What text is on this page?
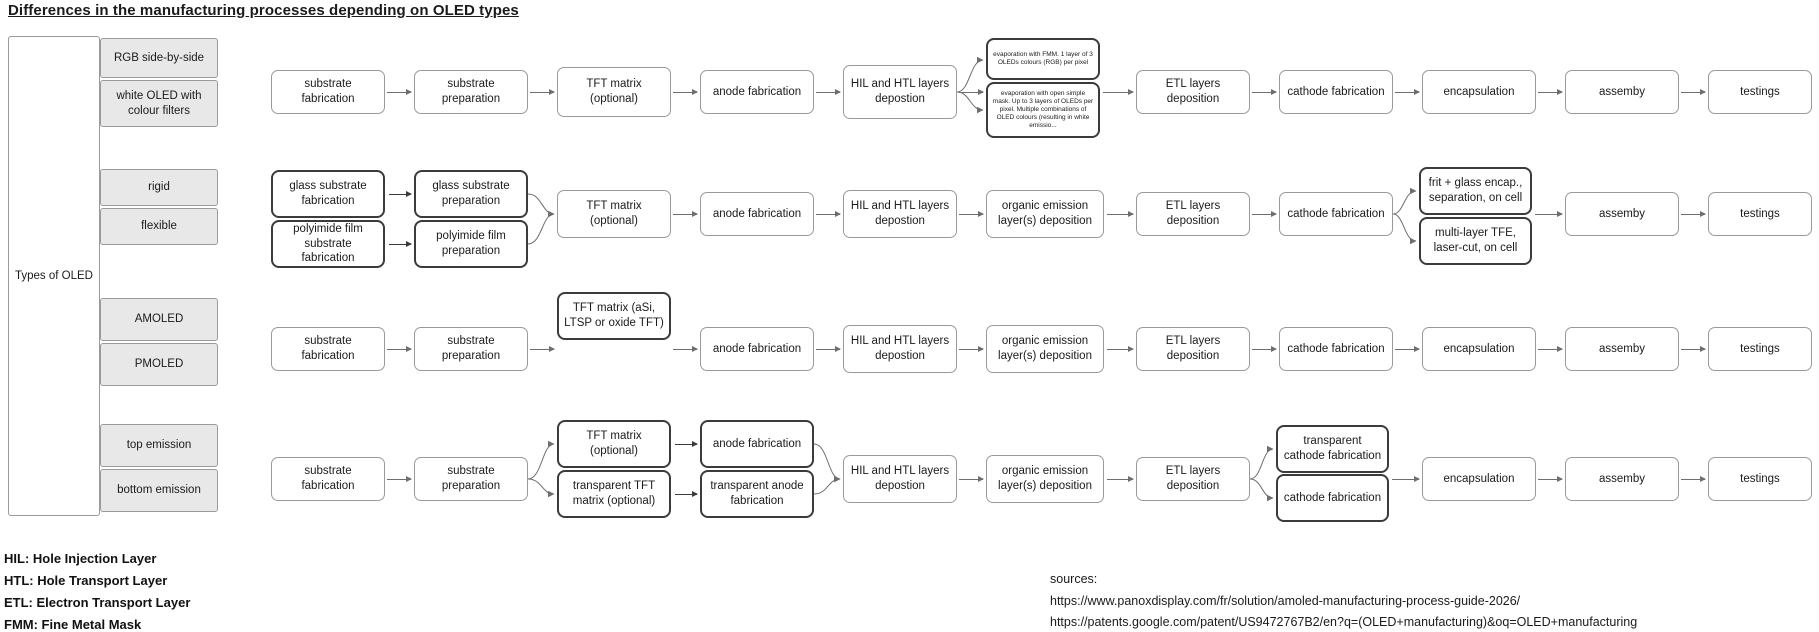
Differences in the manufacturing processes depending on OLED types
Types of OLED
RGB side-by-side
white OLED with colour filters
rigid
flexible
AMOLED
PMOLED
top emission
bottom emission
substrate fabrication
substrate preparation
TFT matrix (optional)
anode fabrication
HIL and HTL layers depostion
evaporation with FMM. 1 layer of 3 OLEDs colours (RGB) per pixel
evaporation with open simple mask. Up to 3 layers of OLEDs per pixel. Multiple combinations of OLED colours (resulting in white emissio...
ETL layers deposition
cathode fabrication	encapsulation	assemby	testings
glass substrate fabrication
polyimide film substrate fabrication
glass substrate preparation
polyimide film preparation
TFT matrix (optional)
anode fabrication
HIL and HTL layers depostion
organic emission layer(s) deposition
ETL layers deposition
cathode fabrication
frit + glass encap., separation, on cell
multi-layer TFE, laser-cut, on cell
assemby	testings
substrate fabrication
substrate preparation
TFT matrix (aSi, LTSP or oxide TFT)
anode fabrication
HIL and HTL layers depostion
organic emission layer(s) deposition
ETL layers deposition
cathode fabrication	encapsulation	assemby	testings
substrate fabrication
substrate preparation
TFT matrix (optional)
transparent TFT matrix (optional)
anode fabrication
transparent anode fabrication
HIL and HTL layers depostion
organic emission layer(s) deposition
ETL layers deposition
transparent cathode fabrication
cathode fabrication
encapsulation	assemby	testings
HIL: Hole Injection Layer
HTL: Hole Transport Layer
ETL: Electron Transport Layer
FMM: Fine Metal Mask
sources:
https://www.panoxdisplay.com/fr/solution/amoled-manufacturing-process-guide-2026/
https://patents.google.com/patent/US9472767B2/en?q=(OLED+manufacturing)&oq=OLED+manufacturing
